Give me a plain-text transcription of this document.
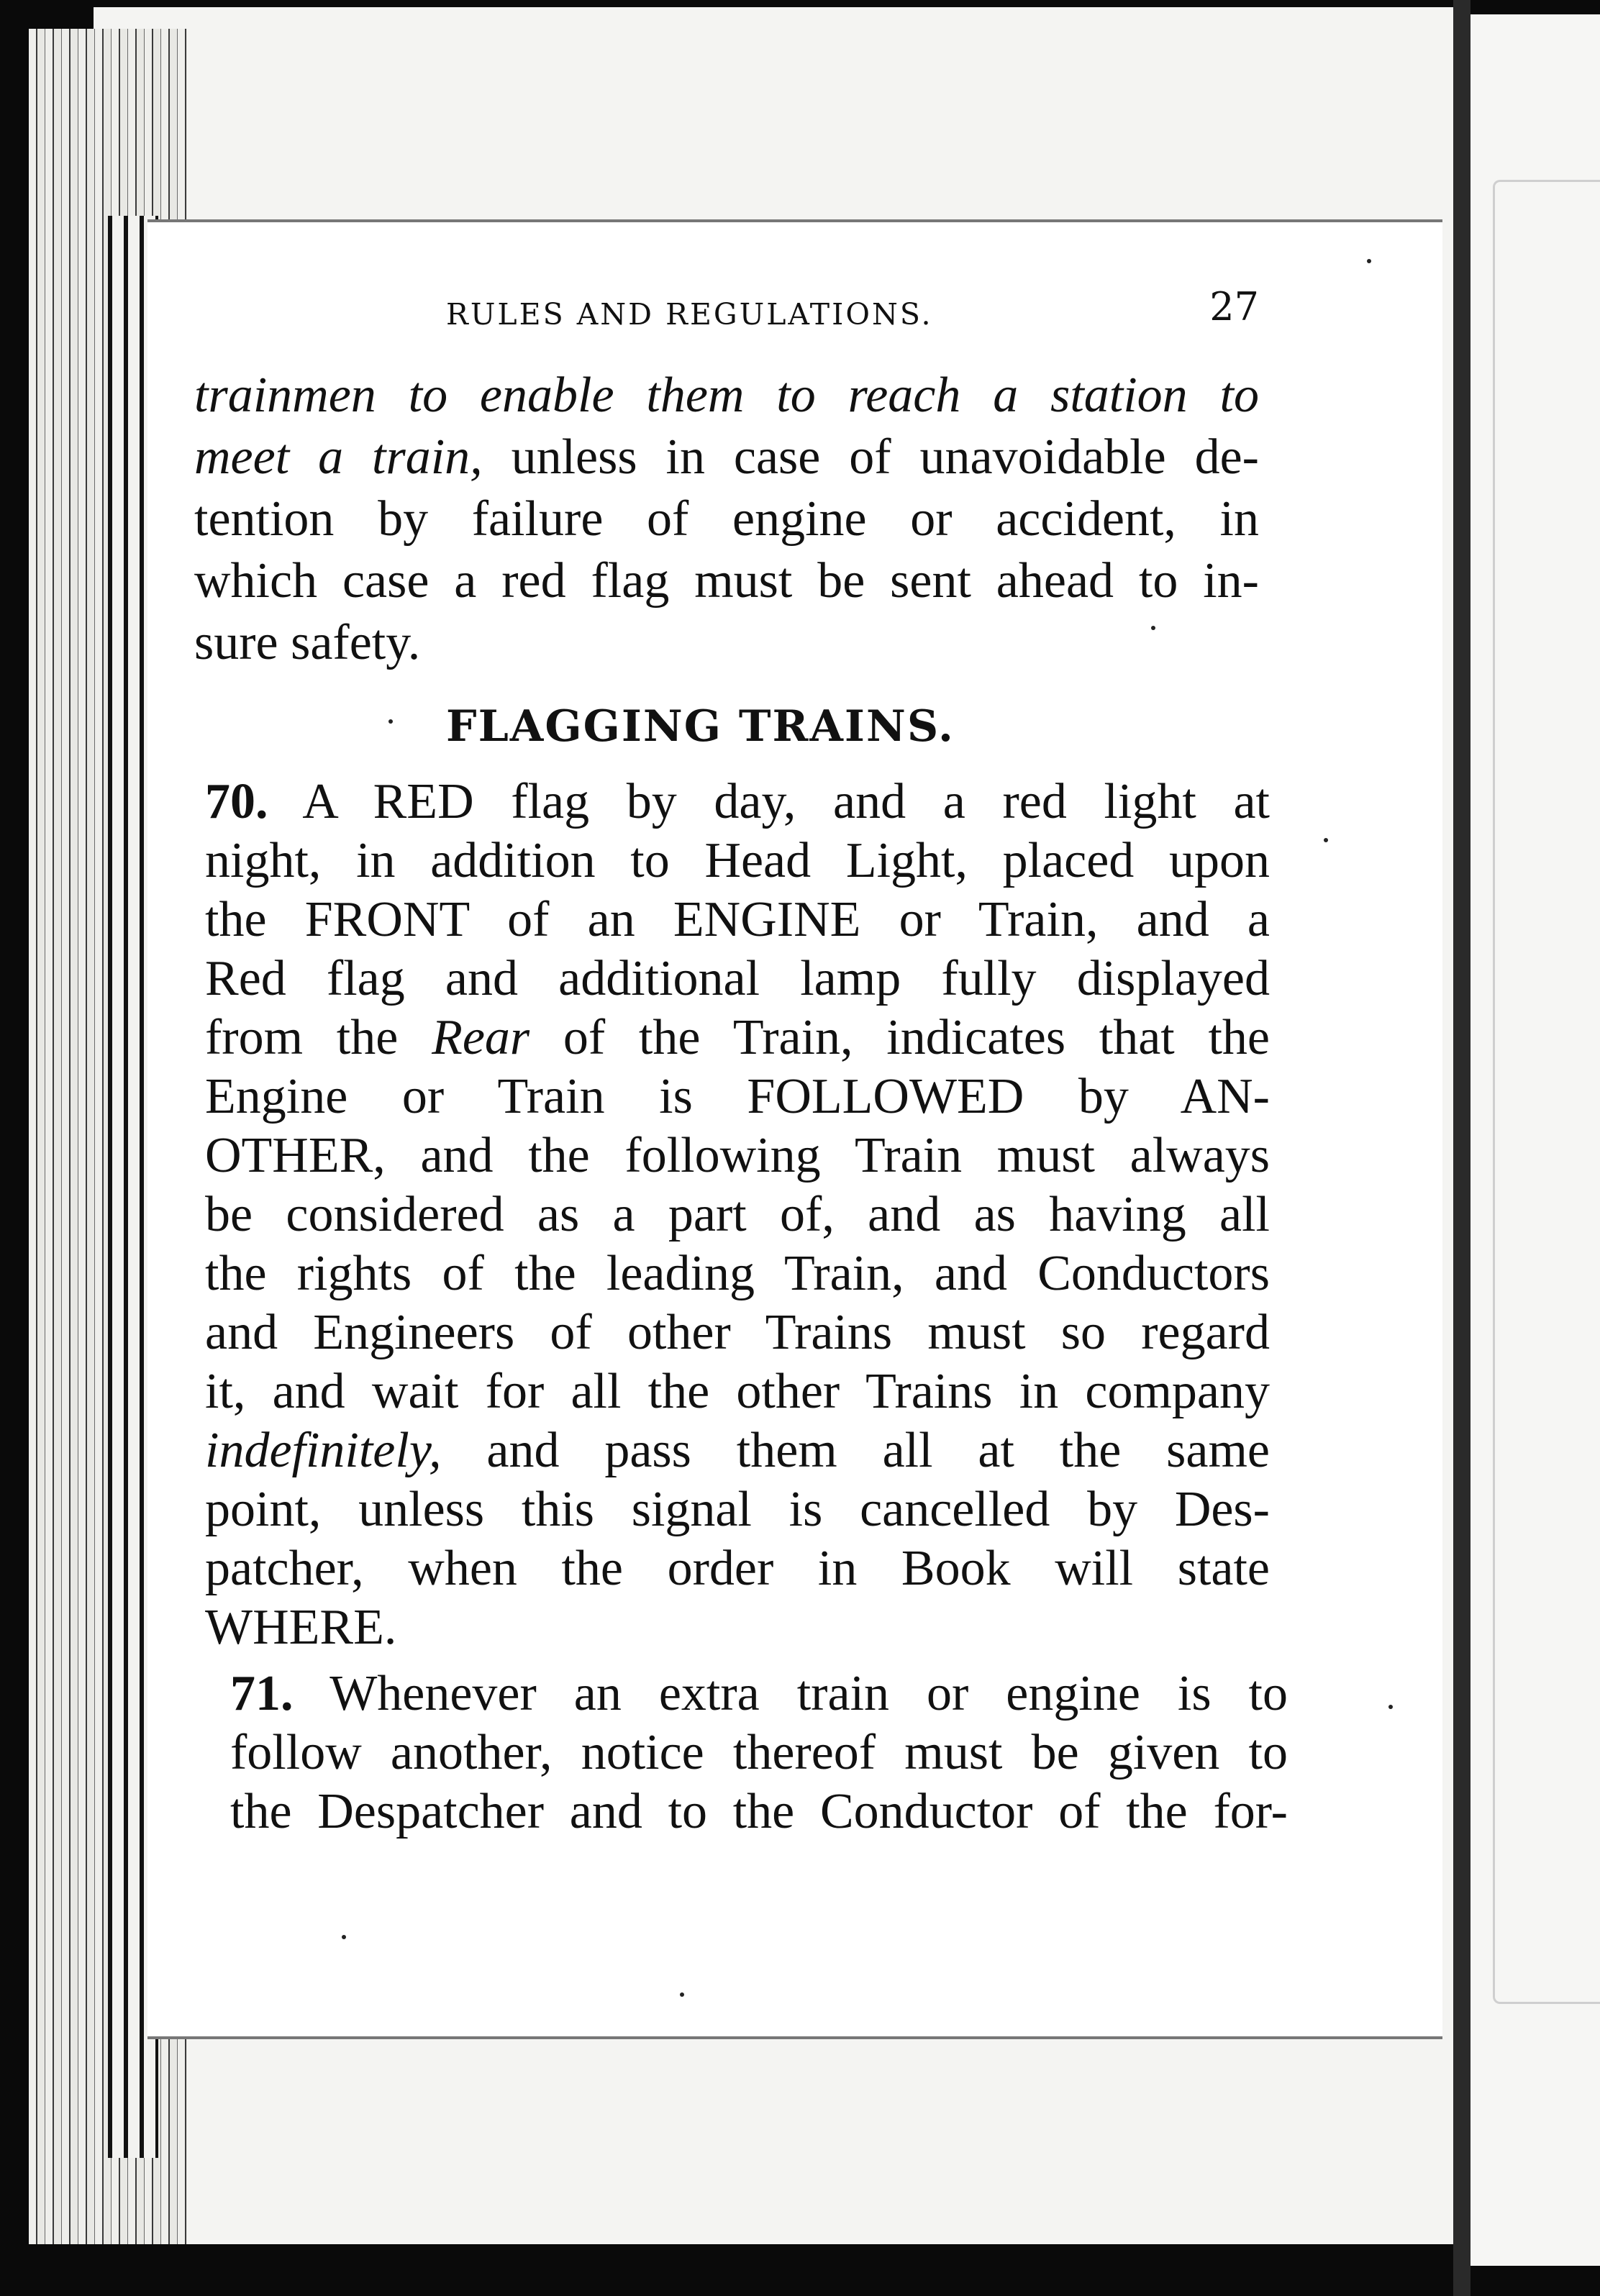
RULES AND REGULATIONS.	27
trainmen to enable them to reach a station to
meet a train, unless in case of unavoidable de-
tention by failure of engine or accident, in
which case a red flag must be sent ahead to in-
sure safety.
FLAGGING TRAINS.
70. A RED flag by day, and a red light at
night, in addition to Head Light, placed upon
the FRONT of an ENGINE or Train, and a
Red flag and additional lamp fully displayed
from the Rear of the Train, indicates that the
Engine or Train is FOLLOWED by AN-
OTHER, and the following Train must always
be considered as a part of, and as having all
the rights of the leading Train, and Conductors
and Engineers of other Trains must so regard
it, and wait for all the other Trains in company
indefinitely, and pass them all at the same
point, unless this signal is cancelled by Des-
patcher, when the order in Book will state
WHERE.
71. Whenever an extra train or engine is to
follow another, notice thereof must be given to
the Despatcher and to the Conductor of the for-
